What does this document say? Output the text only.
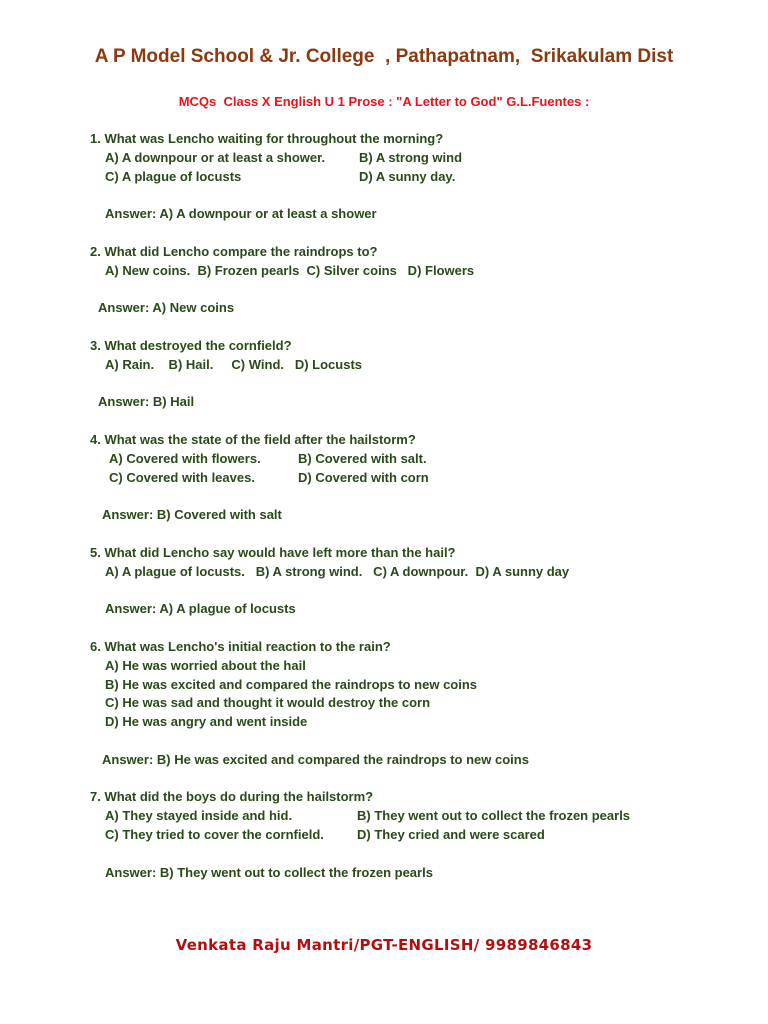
A P Model School & Jr. College  , Pathapatnam,  Srikakulam Dist
MCQs  Class X English U 1 Prose : "A Letter to God" G.L.Fuentes :
1. What was Lencho waiting for throughout the morning?
A) A downpour or at least a shower.	B) A strong wind
C) A plague of locusts	D) A sunny day.
Answer: A) A downpour or at least a shower
2. What did Lencho compare the raindrops to?
A) New coins.  B) Frozen pearls  C) Silver coins   D) Flowers
Answer: A) New coins
3. What destroyed the cornfield?
A) Rain.    B) Hail.     C) Wind.   D) Locusts
Answer: B) Hail
4. What was the state of the field after the hailstorm?
A) Covered with flowers.	B) Covered with salt.
C) Covered with leaves.	D) Covered with corn
Answer: B) Covered with salt
5. What did Lencho say would have left more than the hail?
A) A plague of locusts.   B) A strong wind.   C) A downpour.  D) A sunny day
Answer: A) A plague of locusts
6. What was Lencho's initial reaction to the rain?
A) He was worried about the hail
B) He was excited and compared the raindrops to new coins
C) He was sad and thought it would destroy the corn
D) He was angry and went inside
Answer: B) He was excited and compared the raindrops to new coins
7. What did the boys do during the hailstorm?
A) They stayed inside and hid.	B) They went out to collect the frozen pearls
C) They tried to cover the cornfield.	D) They cried and were scared
Answer: B) They went out to collect the frozen pearls
Venkata Raju Mantri/PGT-ENGLISH/ 9989846843
